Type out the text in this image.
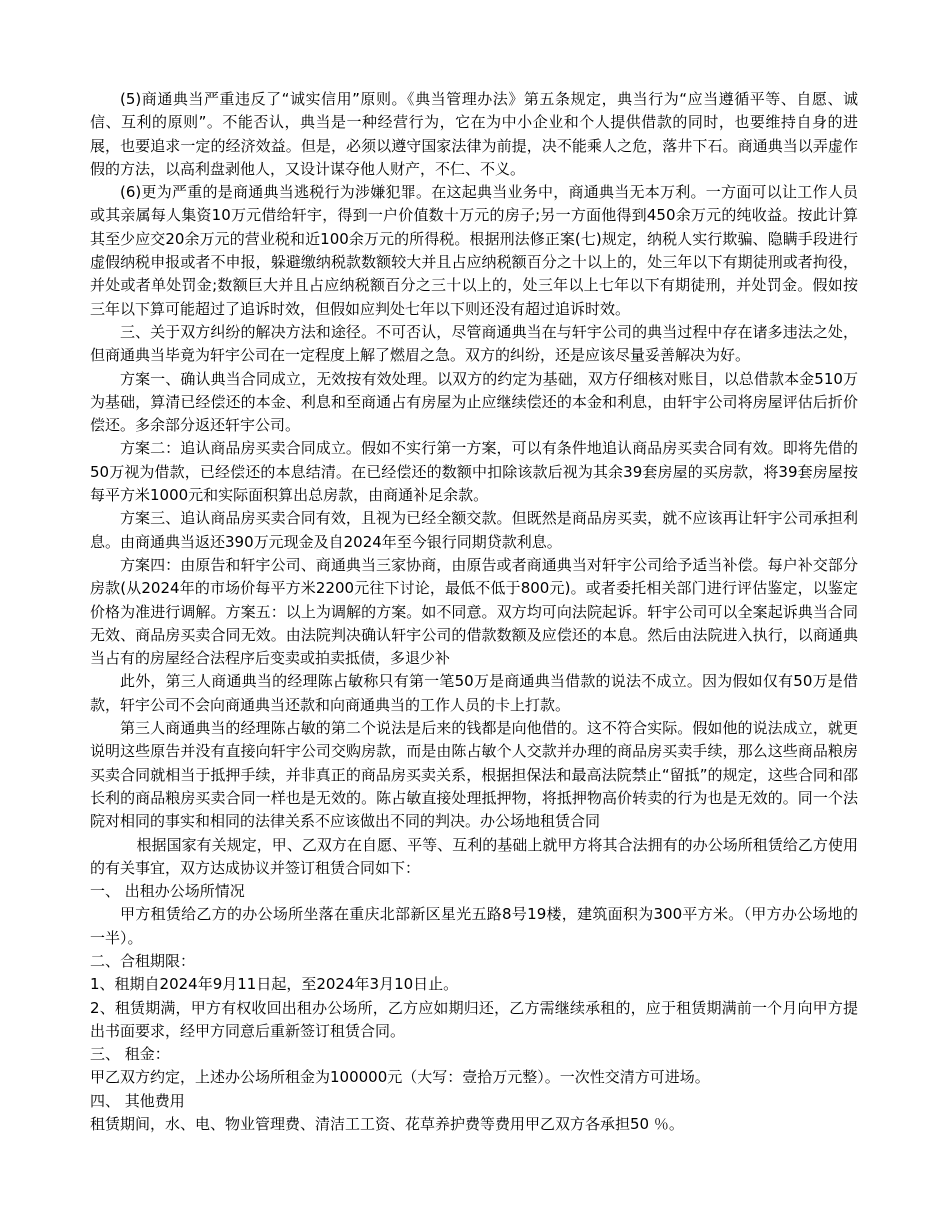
(5)商通典当严重违反了“诚实信用”原则。《典当管理办法》第五条规定，典当行为“应当遵循平等、自愿、诚信、互利的原则”。不能否认，典当是一种经营行为，它在为中小企业和个人提供借款的同时，也要维持自身的进展，也要追求一定的经济效益。但是，必须以遵守国家法律为前提，决不能乘人之危，落井下石。商通典当以弄虚作假的方法，以高利盘剥他人，又设计谋夺他人财产，不仁、不义。

(6)更为严重的是商通典当逃税行为涉嫌犯罪。在这起典当业务中，商通典当无本万利。一方面可以让工作人员或其亲属每人集资10万元借给轩宇，得到一户价值数十万元的房子;另一方面他得到450余万元的纯收益。按此计算其至少应交20余万元的营业税和近100余万元的所得税。根据刑法修正案(七)规定，纳税人实行欺骗、隐瞒手段进行虚假纳税申报或者不申报，躲避缴纳税款数额较大并且占应纳税额百分之十以上的，处三年以下有期徒刑或者拘役，并处或者单处罚金;数额巨大并且占应纳税额百分之三十以上的，处三年以上七年以下有期徒刑，并处罚金。假如按三年以下算可能超过了追诉时效，但假如应判处七年以下则还没有超过追诉时效。

三、关于双方纠纷的解决方法和途径。不可否认，尽管商通典当在与轩宇公司的典当过程中存在诸多违法之处，但商通典当毕竟为轩宇公司在一定程度上解了燃眉之急。双方的纠纷，还是应该尽量妥善解决为好。

方案一、确认典当合同成立，无效按有效处理。以双方的约定为基础，双方仔细核对账目，以总借款本金510万为基础，算清已经偿还的本金、利息和至商通占有房屋为止应继续偿还的本金和利息，由轩宇公司将房屋评估后折价偿还。多余部分返还轩宇公司。

方案二：追认商品房买卖合同成立。假如不实行第一方案，可以有条件地追认商品房买卖合同有效。即将先借的50万视为借款，已经偿还的本息结清。在已经偿还的数额中扣除该款后视为其余39套房屋的买房款，将39套房屋按每平方米1000元和实际面积算出总房款，由商通补足余款。

方案三、追认商品房买卖合同有效，且视为已经全额交款。但既然是商品房买卖，就不应该再让轩宇公司承担利息。由商通典当返还390万元现金及自2024年至今银行同期贷款利息。

方案四：由原告和轩宇公司、商通典当三家协商，由原告或者商通典当对轩宇公司给予适当补偿。每户补交部分房款(从2024年的市场价每平方米2200元往下讨论，最低不低于800元)。或者委托相关部门进行评估鉴定，以鉴定价格为准进行调解。方案五：以上为调解的方案。如不同意。双方均可向法院起诉。轩宇公司可以全案起诉典当合同无效、商品房买卖合同无效。由法院判决确认轩宇公司的借款数额及应偿还的本息。然后由法院进入执行，以商通典当占有的房屋经合法程序后变卖或拍卖抵债，多退少补

此外，第三人商通典当的经理陈占敏称只有第一笔50万是商通典当借款的说法不成立。因为假如仅有50万是借款，轩宇公司不会向商通典当还款和向商通典当的工作人员的卡上打款。

第三人商通典当的经理陈占敏的第二个说法是后来的钱都是向他借的。这不符合实际。假如他的说法成立，就更说明这些原告并没有直接向轩宇公司交购房款，而是由陈占敏个人交款并办理的商品房买卖手续，那么这些商品粮房买卖合同就相当于抵押手续，并非真正的商品房买卖关系，根据担保法和最高法院禁止“留抵”的规定，这些合同和邵长利的商品粮房买卖合同一样也是无效的。陈占敏直接处理抵押物，将抵押物高价转卖的行为也是无效的。同一个法院对相同的事实和相同的法律关系不应该做出不同的判决。办公场地租赁合同

根据国家有关规定，甲、乙双方在自愿、平等、互利的基础上就甲方将其合法拥有的办公场所租赁给乙方使用的有关事宜，双方达成协议并签订租赁合同如下：

一、 出租办公场所情况

甲方租赁给乙方的办公场所坐落在重庆北部新区星光五路8号19楼，建筑面积为300平方米。（甲方办公场地的一半）。

二、合租期限：

1、租期自2024年9月11日起，至2024年3月10日止。

2、租赁期满，甲方有权收回出租办公场所，乙方应如期归还，乙方需继续承租的，应于租赁期满前一个月向甲方提出书面要求，经甲方同意后重新签订租赁合同。

三、 租金：

甲乙双方约定，上述办公场所租金为100000元（大写：壹拾万元整）。一次性交清方可进场。

四、 其他费用

租赁期间，水、电、物业管理费、清洁工工资、花草养护费等费用甲乙双方各承担50 ％。
